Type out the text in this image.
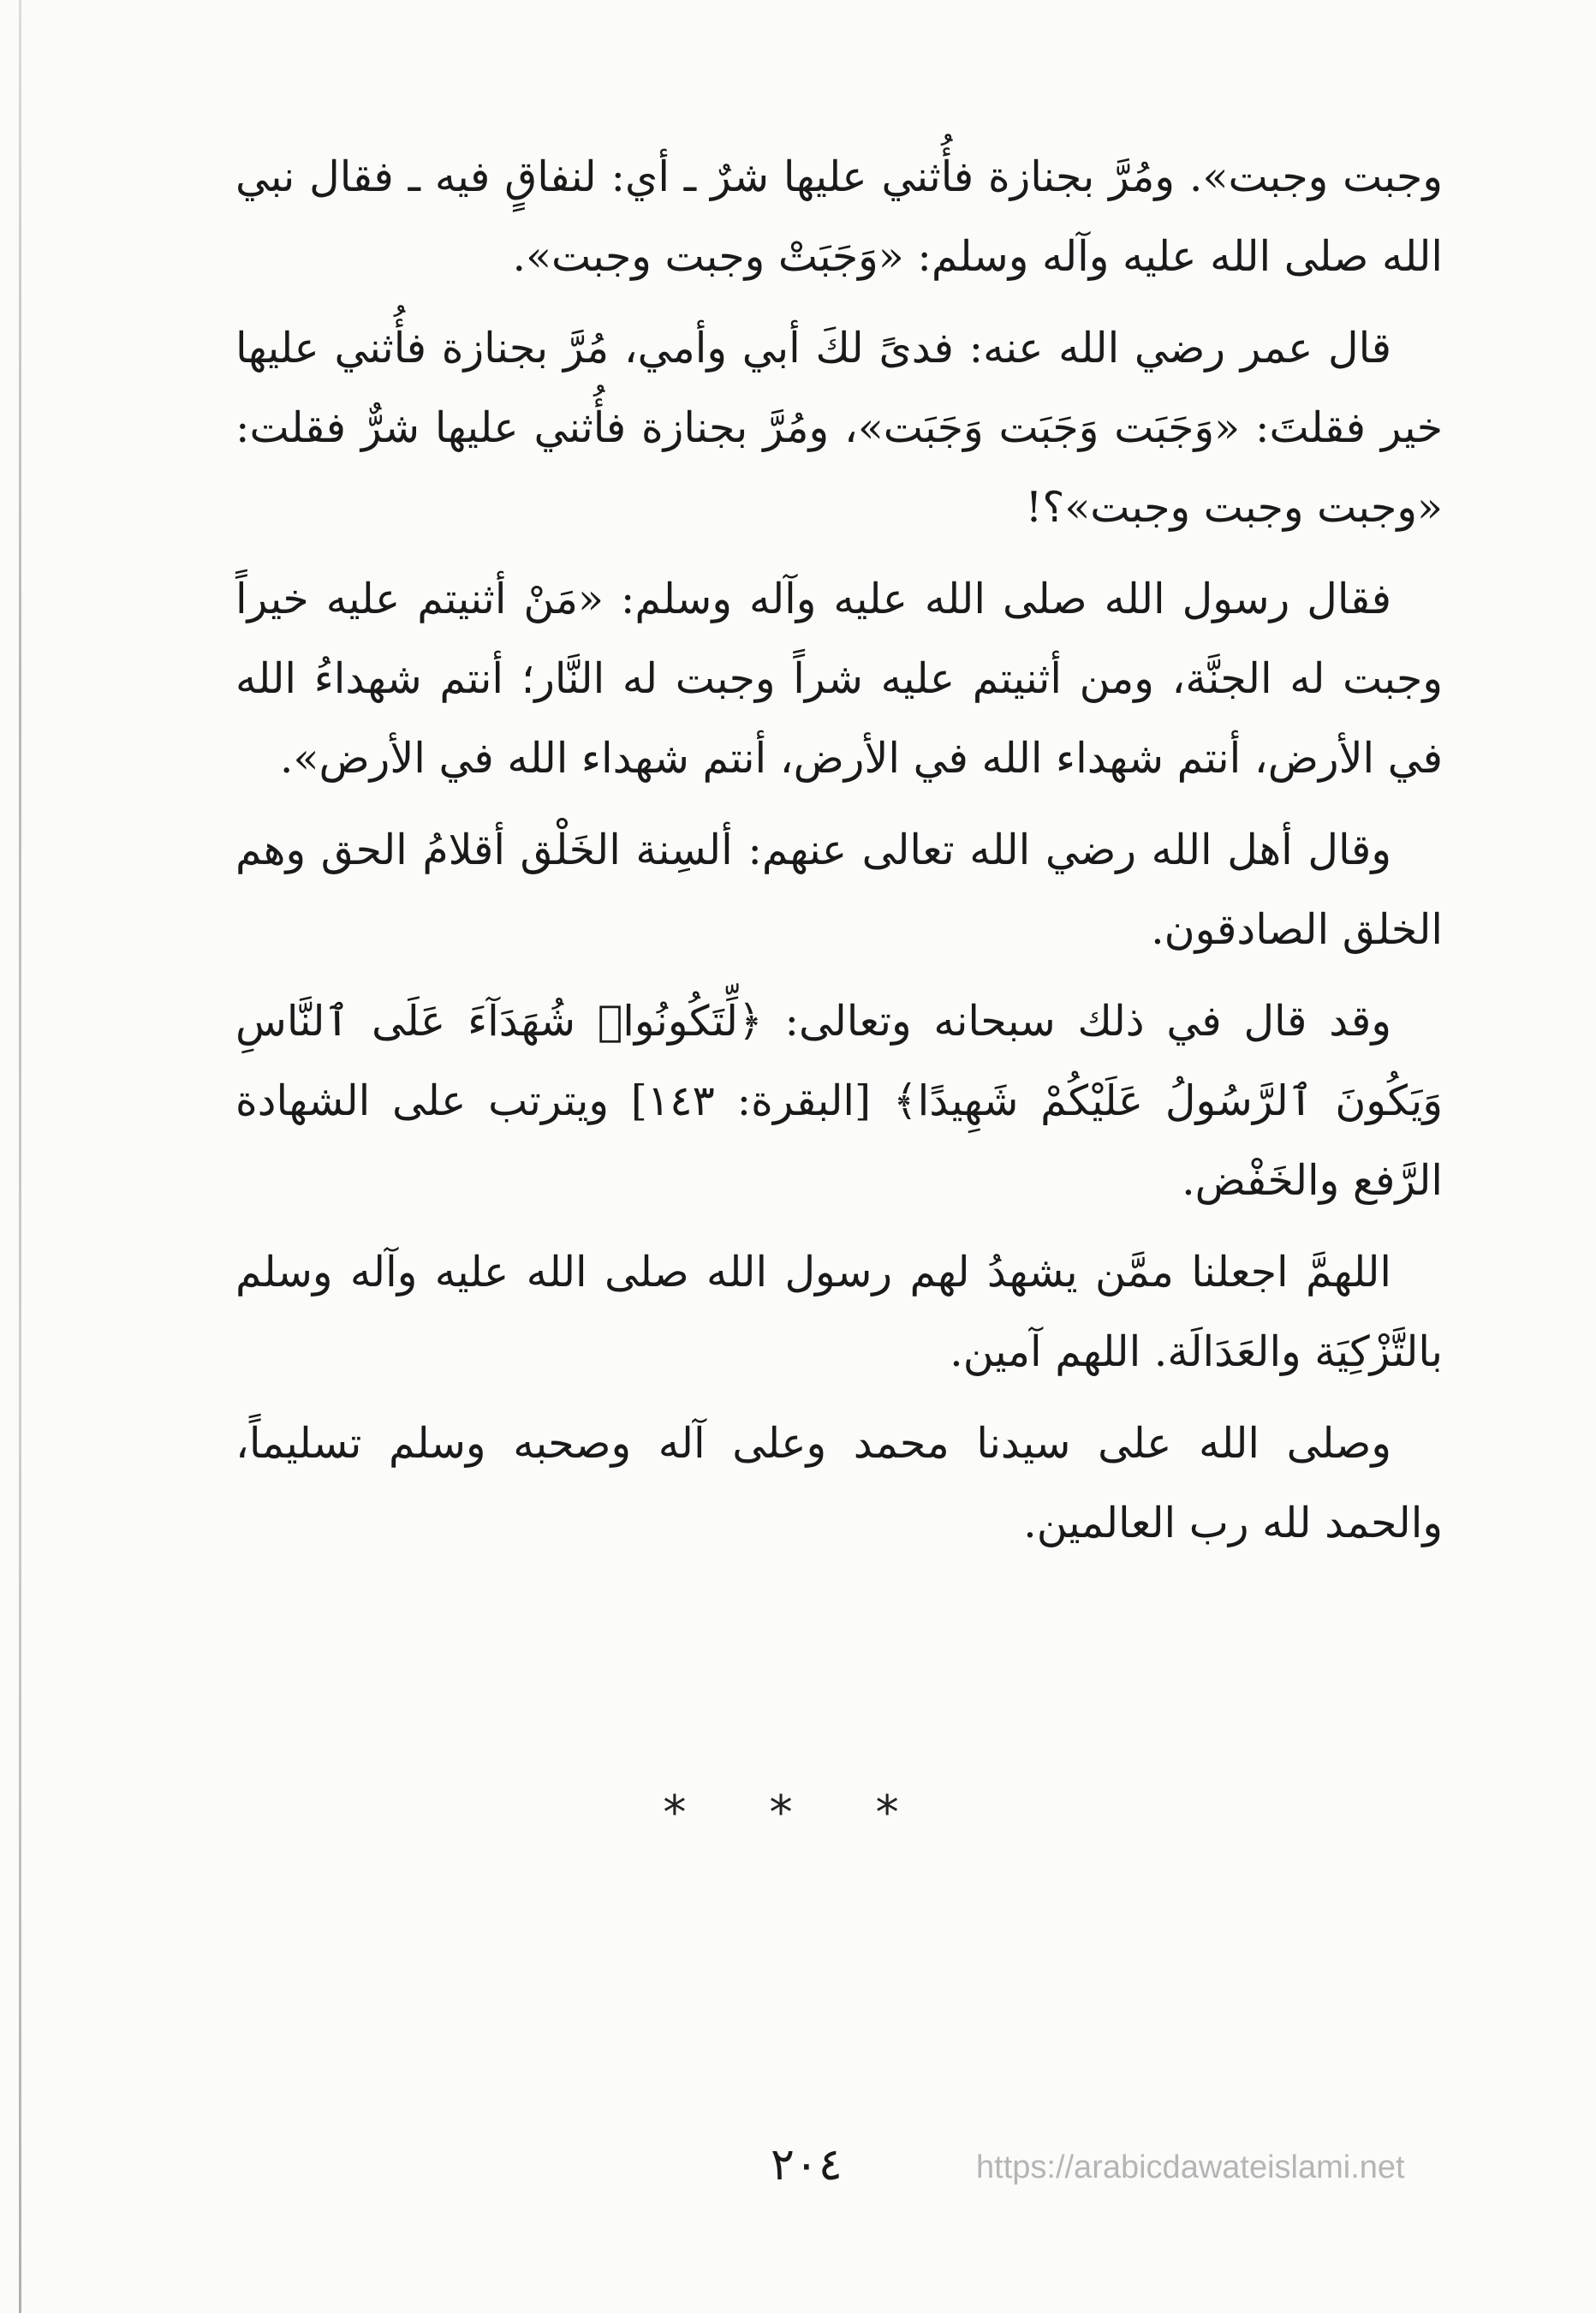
وجبت وجبت». ومُرَّ بجنازة فأُثني عليها شرٌ ـ أي: لنفاقٍ فيه ـ فقال نبي الله صلى الله عليه وآله وسلم: «وَجَبَتْ وجبت وجبت».

قال عمر رضي الله عنه: فدىً لكَ أبي وأمي، مُرَّ بجنازة فأُثني عليها خير فقلتَ: «وَجَبَت وَجَبَت وَجَبَت»، ومُرَّ بجنازة فأُثني عليها شرٌّ فقلت: «وجبت وجبت وجبت»؟!

فقال رسول الله صلى الله عليه وآله وسلم: «مَنْ أثنيتم عليه خيراً وجبت له الجنَّة، ومن أثنيتم عليه شراً وجبت له النَّار؛ أنتم شهداءُ الله في الأرض، أنتم شهداء الله في الأرض، أنتم شهداء الله في الأرض».

وقال أهل الله رضي الله تعالى عنهم: ألسِنة الخَلْق أقلامُ الحق وهم الخلق الصادقون.

وقد قال في ذلك سبحانه وتعالى: ﴿لِّتَكُونُوا۟ شُهَدَآءَ عَلَى ٱلنَّاسِ وَيَكُونَ ٱلرَّسُولُ عَلَيْكُمْ شَهِيدًا﴾ [البقرة: ١٤٣] ويترتب على الشهادة الرَّفع والخَفْض.

اللهمَّ اجعلنا ممَّن يشهدُ لهم رسول الله صلى الله عليه وآله وسلم بالتَّزْكِيَة والعَدَالَة. اللهم آمين.

وصلى الله على سيدنا محمد وعلى آله وصحبه وسلم تسليماً، والحمد لله رب العالمين.

* * *
https://arabicdawateislami.net
٢٠٤
